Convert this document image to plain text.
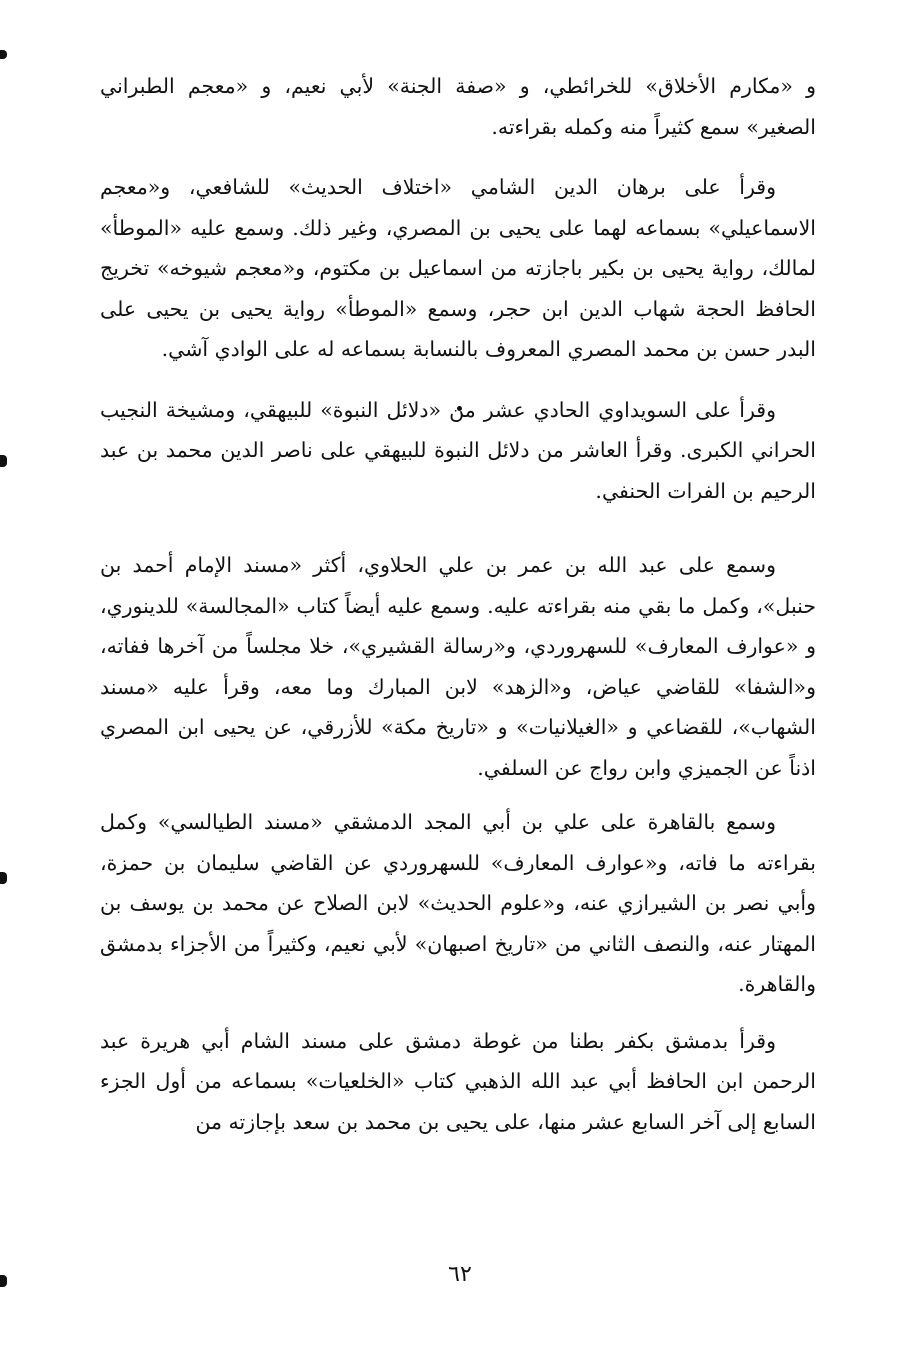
و «مكارم الأخلاق» للخرائطي، و «صفة الجنة» لأبي نعيم، و «معجم الطبراني الصغير» سمع كثيراً منه وكمله بقراءته.

وقرأ على برهان الدين الشامي «اختلاف الحديث» للشافعي، و«معجم الاسماعيلي» بسماعه لهما على يحيى بن المصري، وغير ذلك. وسمع عليه «الموطأ» لمالك، رواية يحيى بن بكير باجازته من اسماعيل بن مكتوم، و«معجم شيوخه» تخريج الحافظ الحجة شهاب الدين ابن حجر، وسمع «الموطأ» رواية يحيى بن يحيى على البدر حسن بن محمد المصري المعروف بالنسابة بسماعه له على الوادي آشي.

وقرأ على السويداوي الحادي عشر من «دلائل النبوة» للبيهقي، ومشيخة النجيب الحراني الكبرى. وقرأ العاشر من دلائل النبوة للبيهقي على ناصر الدين محمد بن عبد الرحيم بن الفرات الحنفي.

وسمع على عبد الله بن عمر بن علي الحلاوي، أكثر «مسند الإمام أحمد بن حنبل»، وكمل ما بقي منه بقراءته عليه. وسمع عليه أيضاً كتاب «المجالسة» للدينوري، و «عوارف المعارف» للسهروردي، و«رسالة القشيري»، خلا مجلساً من آخرها ففاته، و«الشفا» للقاضي عياض، و«الزهد» لابن المبارك وما معه، وقرأ عليه «مسند الشهاب»، للقضاعي و «الغيلانيات» و «تاريخ مكة» للأزرقي، عن يحيى ابن المصري اذناً عن الجميزي وابن رواج عن السلفي.

وسمع بالقاهرة على علي بن أبي المجد الدمشقي «مسند الطيالسي» وكمل بقراءته ما فاته، و«عوارف المعارف» للسهروردي عن القاضي سليمان بن حمزة، وأبي نصر بن الشيرازي عنه، و«علوم الحديث» لابن الصلاح عن محمد بن يوسف بن المهتار عنه، والنصف الثاني من «تاريخ اصبهان» لأبي نعيم، وكثيراً من الأجزاء بدمشق والقاهرة.

وقرأ بدمشق بكفر بطنا من غوطة دمشق على مسند الشام أبي هريرة عبد الرحمن ابن الحافظ أبي عبد الله الذهبي كتاب «الخلعيات» بسماعه من أول الجزء السابع إلى آخر السابع عشر منها، على يحيى بن محمد بن سعد بإجازته من

٦٢
